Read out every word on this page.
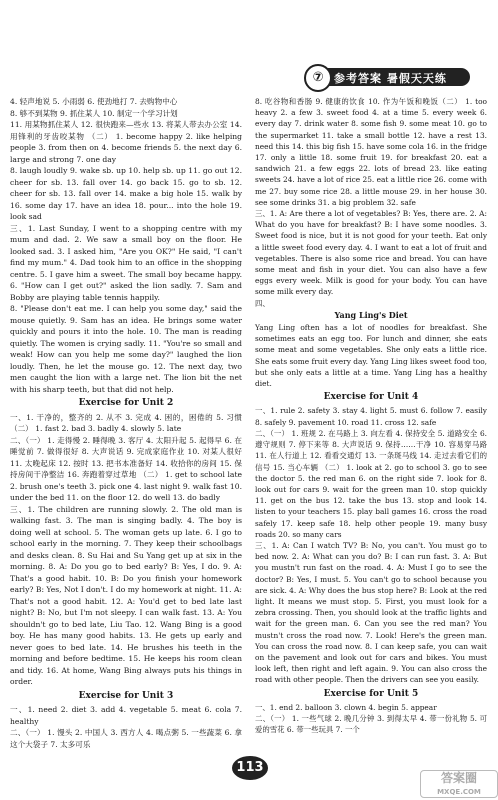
⑦ 参考答案 暑假天天练

4. 轻声地说 5. 小雨弱 6. 使劲地打 7. 去购物中心

8. 够不到某物 9. 抓住某人 10. 制定一个学习计划

11. 用某物抓住某人 12. 很快跑来—些水 13. 将某人带去办公室 14. 用锋利的牙齿咬某物 （二） 1. become happy 2. like helping people 3. from then on 4. become friends 5. the next day 6. large and strong 7. one day

8. laugh loudly 9. wake sb. up 10. help sb. up 11. go out 12. cheer for sb. 13. fall over 14. go back 15. go to sb. 12. cheer for sb. 13. fall over 14. make a big hole 15. walk by 16. some day 17. have an idea 18. pour... into the hole 19. look sad

三、1. Last Sunday, I went to a shopping centre with my mum and dad. 2. We saw a small boy on the floor. He looked sad. 3. I asked him, "Are you OK?" He said, "I can't find my mum." 4. Dad took him to an office in the shopping centre. 5. I gave him a sweet. The small boy became happy. 6. "How can I get out?" asked the lion sadly. 7. Sam and Bobby are playing table tennis happily.

8. "Please don't eat me. I can help you some day," said the mouse quietly. 9. Sam has an idea. He brings some water quickly and pours it into the hole. 10. The man is reading quietly. The women is crying sadly. 11. "You're so small and weak! How can you help me some day?" laughed the lion loudly. Then, he let the mouse go. 12. The next day, two men caught the lion with a large net. The lion bit the net with his sharp teeth, but that did not help.

Exercise for Unit 2

一、1. 干净的，整齐的 2. 从不 3. 完成 4. 困的，困倦的 5. 习惯 （二） 1. fast 2. bad 3. badly 4. slowly 5. late

二、（一） 1. 走得慢 2. 睡得晚 3. 客厅 4. 太阳升起 5. 起得早 6. 在睡觉前 7. 做得很好 8. 大声说话 9. 完成家庭作业 10. 对某人很好 11. 太晚起床 12. 按时 13. 把书本准备好 14. 收拾你的房间 15. 保持房间干净整洁 16. 奔跑着穿过草地 （二） 1. get to school late 2. brush one's teeth 3. pick one 4. last night 9. walk fast 10. under the bed 11. on the floor 12. do well 13. do badly

三、1. The children are running slowly. 2. The old man is walking fast. 3. The man is singing badly. 4. The boy is doing well at school. 5. The woman gets up late. 6. I go to school early in the morning. 7. They keep their schoolbags and desks clean. 8. Su Hai and Su Yang get up at six in the morning. 8. A: Do you go to bed early? B: Yes, I do. 9. A: That's a good habit. 10. B: Do you finish your homework early? B: Yes, Not I don't. I do my homework at night. 11. A: That's not a good habit. 12. A: You'd get to bed late last night? B: No, but I'm not sleepy. I can walk fast. 13. A: You shouldn't go to bed late, Liu Tao. 12. Wang Bing is a good boy. He has many good habits. 13. He gets up early and never goes to bed late. 14. He brushes his teeth in the morning and before bedtime. 15. He keeps his room clean and tidy. 16. At home, Wang Bing always puts his things in order.

Exercise for Unit 3

一、1. need 2. diet 3. add 4. vegetable 5. meat 6. cola 7. healthy

二、（一） 1. 馒头 2. 中国人 3. 西方人 4. 喝点粥 5. 一些蔬菜 6. 拿这个大袋子 7. 太多可乐

8. 吃谷物和香肠 9. 健康的饮食 10. 作为午饭和晚饭（二） 1. too heavy 2. a few 3. sweet food 4. at a time 5. every week 6. every day 7. drink water 8. some fish 9. some meat 10. go to the supermarket 11. take a small bottle 12. have a rest 13. need this 14. this big fish 15. have some cola 16. in the fridge 17. only a little 18. some fruit 19. for breakfast 20. eat a sandwich 21. a few eggs 22. lots of bread 23. like eating sweets 24. have a lot of rice 25. eat a little rice 26. come with me 27. buy some rice 28. a little mouse 29. in her house 30. see some drinks 31. a big problem 32. safe

三、1. A: Are there a lot of vegetables? B: Yes, there are. 2. A: What do you have for breakfast? B: I have some noodles. 3. Sweet food is nice, but it is not good for your teeth. Eat only a little sweet food every day. 4. I want to eat a lot of fruit and vegetables. There is also some rice and bread. You can have some meat and fish in your diet. You can also have a few eggs every week. Milk is good for your body. You can have some milk every day.

四、
Yang Ling's Diet

Yang Ling often has a lot of noodles for breakfast. She sometimes eats an egg too. For lunch and dinner, she eats some meat and some vegetables. She only eats a little rice. She eats some fruit every day. Yang Ling likes sweet food too, but she only eats a little at a time. Yang Ling has a healthy diet.

Exercise for Unit 4

一、1. rule 2. safety 3. stay 4. light 5. must 6. follow 7. easily 8. safely 9. pavement 10. road 11. cross 12. safe

二、（一） 1. 班规 2. 在马路上 3. 向左看 4. 保持安全 5. 道路安全 6. 遵守规则 7. 停下来等 8. 大声说话 9. 保持……干净 10. 容易穿马路 11. 在人行道上 12. 看看交通灯 13. 一条斑马线 14. 走过去看它们的信号 15. 当心车辆 （二） 1. look at 2. go to school 3. go to see the doctor 5. the red man 6. on the right side 7. look for 8. look out for cars 9. wait for the green man 10. stop quickly 11. get on the bus 12. take the bus 13. stop and look 14. listen to your teachers 15. play ball games 16. cross the road safely 17. keep safe 18. help other people 19. many busy roads 20. so many cars

三、1. A: Can I watch TV? B: No, you can't. You must go to bed now. 2. A: What can you do? B: I can run fast. 3. A: But you mustn't run fast on the road. 4. A: Must I go to see the doctor? B: Yes, I must. 5. You can't go to school because you are sick. 4. A: Why does the bus stop here? B: Look at the red light. It means we must stop. 5. First, you must look for a zebra crossing. Then, you should look at the traffic lights and wait for the green man. 6. Can you see the red man? You mustn't cross the road now. 7. Look! Here's the green man. You can cross the road now. 8. I can keep safe, you can wait on the pavement and look out for cars and bikes. You must look left, then right and left again. 9. You can also cross the road with other people. Then the drivers can see you easily.

Exercise for Unit 5

一、1. end 2. balloon 3. clown 4. begin 5. appear

二、（一） 1. 一些气球 2. 晚几分钟 3. 到得太早 4. 带一份礼物 5. 可爱的雪花 6. 带一些玩具 7. 一个

113
答案圈
MXQE.COM
